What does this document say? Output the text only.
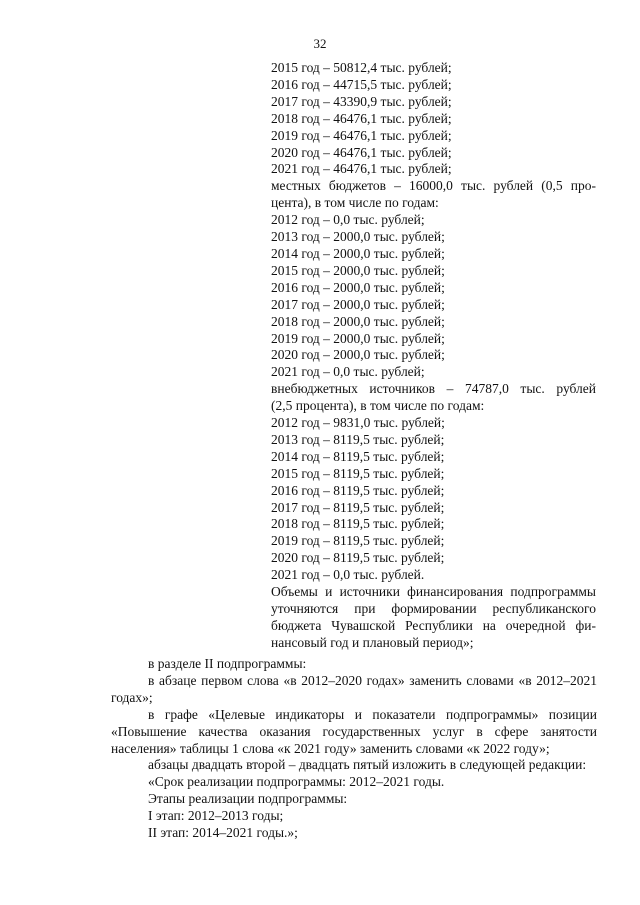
32
2015 год – 50812,4 тыс. рублей;
2016 год – 44715,5 тыс. рублей;
2017 год – 43390,9 тыс. рублей;
2018 год – 46476,1 тыс. рублей;
2019 год – 46476,1 тыс. рублей;
2020 год – 46476,1 тыс. рублей;
2021 год – 46476,1 тыс. рублей;
местных бюджетов – 16000,0 тыс. рублей (0,5 про-
цента), в том числе по годам:
2012 год – 0,0 тыс. рублей;
2013 год – 2000,0 тыс. рублей;
2014 год – 2000,0 тыс. рублей;
2015 год – 2000,0 тыс. рублей;
2016 год – 2000,0 тыс. рублей;
2017 год – 2000,0 тыс. рублей;
2018 год – 2000,0 тыс. рублей;
2019 год – 2000,0 тыс. рублей;
2020 год – 2000,0 тыс. рублей;
2021 год – 0,0 тыс. рублей;
внебюджетных источников – 74787,0 тыс. рублей
(2,5 процента), в том числе по годам:
2012 год – 9831,0 тыс. рублей;
2013 год – 8119,5 тыс. рублей;
2014 год – 8119,5 тыс. рублей;
2015 год – 8119,5 тыс. рублей;
2016 год – 8119,5 тыс. рублей;
2017 год – 8119,5 тыс. рублей;
2018 год – 8119,5 тыс. рублей;
2019 год – 8119,5 тыс. рублей;
2020 год – 8119,5 тыс. рублей;
2021 год – 0,0 тыс. рублей.
Объемы и источники финансирования подпрограммы
уточняются при формировании республиканского
бюджета Чувашской Республики на очередной фи-
нансовый год и плановый период»;
в разделе II подпрограммы:
в абзаце первом слова «в 2012–2020 годах» заменить словами «в 2012–2021 годах»;
в графе «Целевые индикаторы и показатели подпрограммы» позиции «Повышение качества оказания государственных услуг в сфере занятости населения» таблицы 1 слова «к 2021 году» заменить словами «к 2022 году»;
абзацы двадцать второй – двадцать пятый изложить в следующей редакции:
«Срок реализации подпрограммы: 2012–2021 годы.
Этапы реализации подпрограммы:
I этап: 2012–2013 годы;
II этап: 2014–2021 годы.»;
